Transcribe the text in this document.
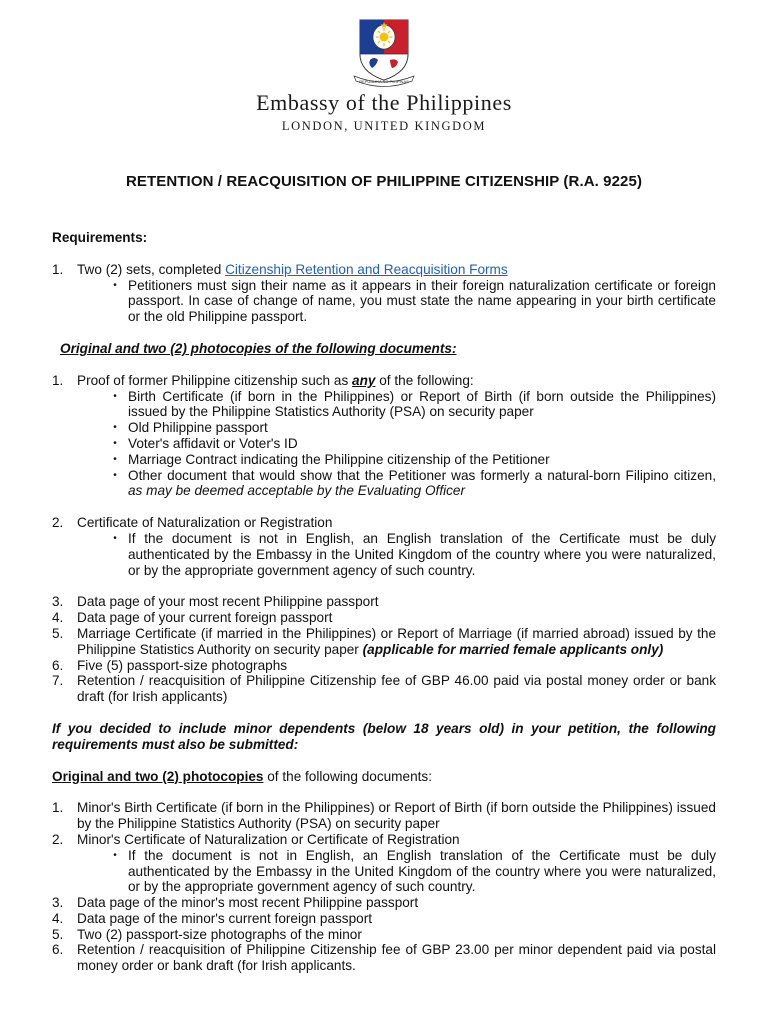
REPUBLIKA NG PILIPINAS
Embassy of the Philippines
LONDON, UNITED KINGDOM
RETENTION / REACQUISITION OF PHILIPPINE CITIZENSHIP (R.A. 9225)

Requirements:

1.	Two (2) sets, completed Citizenship Retention and Reacquisition Forms
• Petitioners must sign their name as it appears in their foreign naturalization certificate or foreign passport. In case of change of name, you must state the name appearing in your birth certificate or the old Philippine passport.

Original and two (2) photocopies of the following documents:

1.	Proof of former Philippine citizenship such as any of the following:
• Birth Certificate (if born in the Philippines) or Report of Birth (if born outside the Philippines) issued by the Philippine Statistics Authority (PSA) on security paper
• Old Philippine passport
• Voter's affidavit or Voter's ID
• Marriage Contract indicating the Philippine citizenship of the Petitioner
• Other document that would show that the Petitioner was formerly a natural-born Filipino citizen, as may be deemed acceptable by the Evaluating Officer
2.	Certificate of Naturalization or Registration
• If the document is not in English, an English translation of the Certificate must be duly authenticated by the Embassy in the United Kingdom of the country where you were naturalized, or by the appropriate government agency of such country.
3.	Data page of your most recent Philippine passport
4.	Data page of your current foreign passport
5.	Marriage Certificate (if married in the Philippines) or Report of Marriage (if married abroad) issued by the Philippine Statistics Authority on security paper (applicable for married female applicants only)
6.	Five (5) passport-size photographs
7.	Retention / reacquisition of Philippine Citizenship fee of GBP 46.00 paid via postal money order or bank draft (for Irish applicants)

If you decided to include minor dependents (below 18 years old) in your petition, the following requirements must also be submitted:

Original and two (2) photocopies of the following documents:

1.	Minor's Birth Certificate (if born in the Philippines) or Report of Birth (if born outside the Philippines) issued by the Philippine Statistics Authority (PSA) on security paper
2.	Minor's Certificate of Naturalization or Certificate of Registration
• If the document is not in English, an English translation of the Certificate must be duly authenticated by the Embassy in the United Kingdom of the country where you were naturalized, or by the appropriate government agency of such country.
3.	Data page of the minor's most recent Philippine passport
4.	Data page of the minor's current foreign passport
5.	Two (2) passport-size photographs of the minor
6.	Retention / reacquisition of Philippine Citizenship fee of GBP 23.00 per minor dependent paid via postal money order or bank draft (for Irish applicants.
